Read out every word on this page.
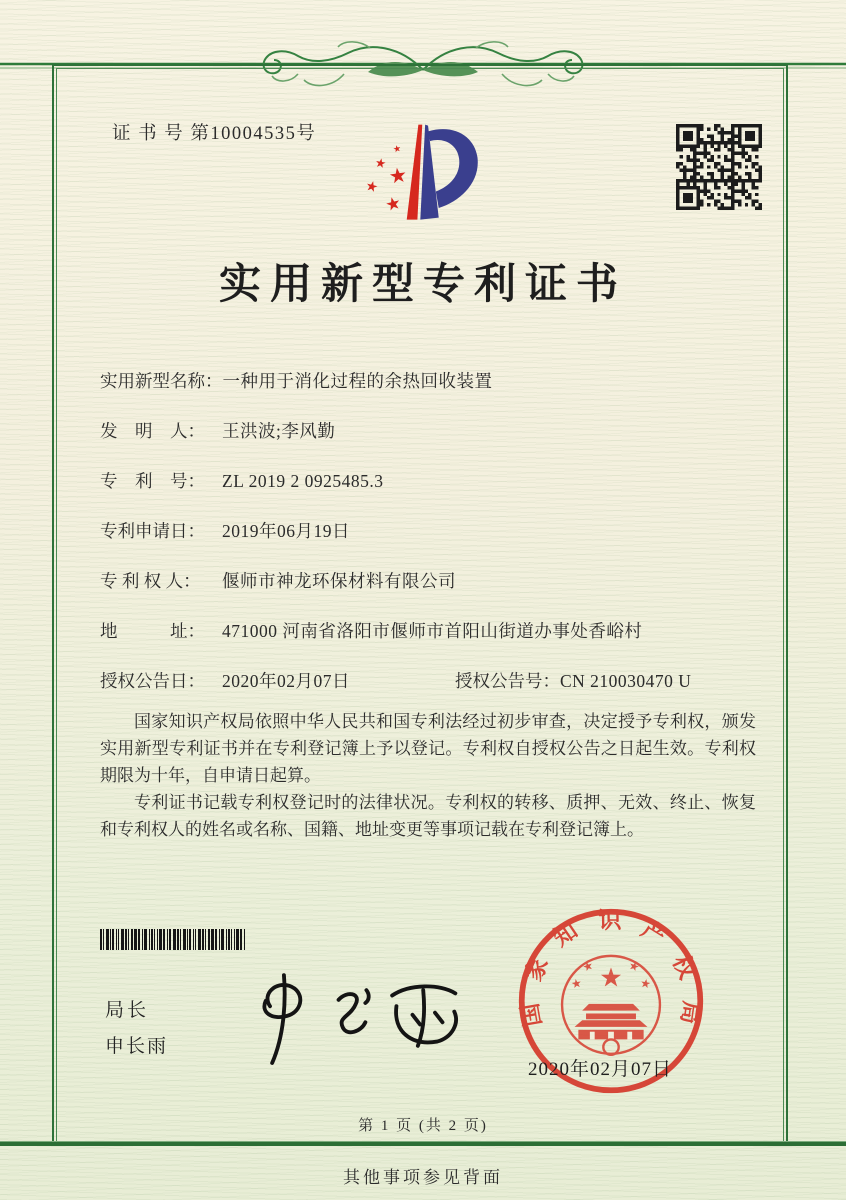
证 书 号 第10004535号
实用新型专利证书
实用新型名称： 一种用于消化过程的余热回收装置
发　明　人： 王洪波;李风勤
专　利　号： ZL 2019 2 0925485.3
专利申请日： 2019年06月19日
专 利 权 人：	偃师市神龙环保材料有限公司
地　　　址： 471000 河南省洛阳市偃师市首阳山街道办事处香峪村
授权公告日： 2020年02月07日	授权公告号： CN 210030470 U

国家知识产权局依照中华人民共和国专利法经过初步审查，决定授予专利权，颁发实用新型专利证书并在专利登记簿上予以登记。专利权自授权公告之日起生效。专利权期限为十年，自申请日起算。

专利证书记载专利权登记时的法律状况。专利权的转移、质押、无效、终止、恢复和专利权人的姓名或名称、国籍、地址变更等事项记载在专利登记簿上。

局长
申长雨
国
家
知 识 产
权
局
2020年02月07日
第 1 页 (共 2 页)
其他事项参见背面
